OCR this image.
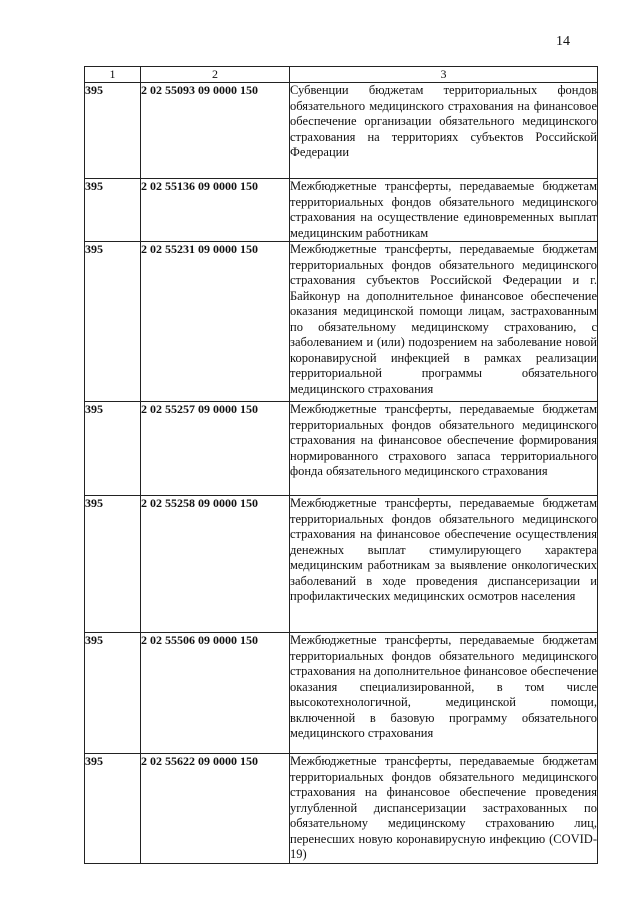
14
1	2	3
395	2 02 55093 09 0000 150	Субвенции бюджетам территориальных фондов обязательного медицинского страхования на финансовое обеспечение организации обязательного медицинского страхования на территориях субъектов Российской Федерации
395	2 02 55136 09 0000 150	Межбюджетные трансферты, передаваемые бюджетам территориальных фондов обязательного медицинского страхования на осуществление единовременных выплат медицинским работникам
395	2 02 55231 09 0000 150	Межбюджетные трансферты, передаваемые бюджетам территориальных фондов обязательного медицинского страхования субъектов Российской Федерации и г. Байконур на дополнительное финансовое обеспечение оказания медицинской помощи лицам, застрахованным по обязательному медицинскому страхованию, с заболеванием и (или) подозрением на заболевание новой коронавирусной инфекцией в рамках реализации территориальной программы обязательного медицинского страхования
395	2 02 55257 09 0000 150	Межбюджетные трансферты, передаваемые бюджетам территориальных фондов обязательного медицинского страхования на финансовое обеспечение формирования нормированного страхового запаса территориального фонда обязательного медицинского страхования
395	2 02 55258 09 0000 150	Межбюджетные трансферты, передаваемые бюджетам территориальных фондов обязательного медицинского страхования на финансовое обеспечение осуществления денежных выплат стимулирующего характера медицинским работникам за выявление онкологических заболеваний в ходе проведения диспансеризации и профилактических медицинских осмотров населения
395	2 02 55506 09 0000 150	Межбюджетные трансферты, передаваемые бюджетам территориальных фондов обязательного медицинского страхования на дополнительное финансовое обеспечение оказания специализированной, в том числе высокотехнологичной, медицинской помощи, включенной в базовую программу обязательного медицинского страхования
395	2 02 55622 09 0000 150	Межбюджетные трансферты, передаваемые бюджетам территориальных фондов обязательного медицинского страхования на финансовое обеспечение проведения углубленной диспансеризации застрахованных по обязательному медицинскому страхованию лиц, перенесших новую коронавирусную инфекцию (COVID-19)
